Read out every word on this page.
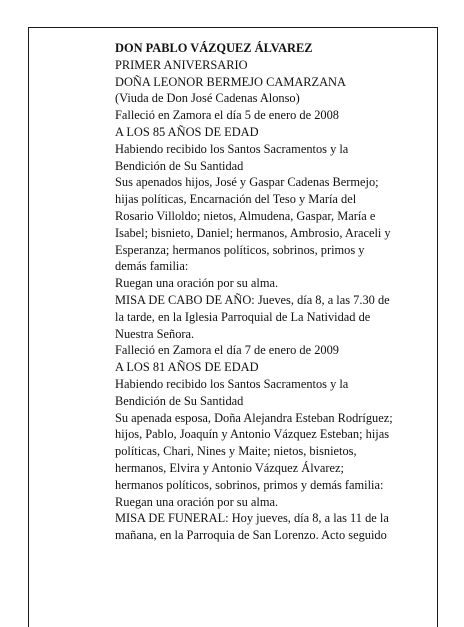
DON PABLO VÁZQUEZ ÁLVAREZ
PRIMER ANIVERSARIO
DOÑA LEONOR BERMEJO CAMARZANA
(Viuda de Don José Cadenas Alonso)
Falleció en Zamora el día 5 de enero de 2008
A LOS 85 AÑOS DE EDAD
Habiendo recibido los Santos Sacramentos y la
Bendición de Su Santidad
Sus apenados hijos, José y Gaspar Cadenas Bermejo;
hijas políticas, Encarnación del Teso y María del
Rosario Villoldo; nietos, Almudena, Gaspar, María e
Isabel; bisnieto, Daniel; hermanos, Ambrosio, Araceli y
Esperanza; hermanos políticos, sobrinos, primos y
demás familia:
Ruegan una oración por su alma.
MISA DE CABO DE AÑO: Jueves, día 8, a las 7.30 de
la tarde, en la Iglesia Parroquial de La Natividad de
Nuestra Señora.
Falleció en Zamora el día 7 de enero de 2009
A LOS 81 AÑOS DE EDAD
Habiendo recibido los Santos Sacramentos y la
Bendición de Su Santidad
Su apenada esposa, Doña Alejandra Esteban Rodríguez;
hijos, Pablo, Joaquín y Antonio Vázquez Esteban; hijas
políticas, Chari, Nines y Maite; nietos, bisnietos,
hermanos, Elvira y Antonio Vázquez Álvarez;
hermanos políticos, sobrinos, primos y demás familia:
Ruegan una oración por su alma.
MISA DE FUNERAL: Hoy jueves, día 8, a las 11 de la
mañana, en la Parroquia de San Lorenzo. Acto seguido
